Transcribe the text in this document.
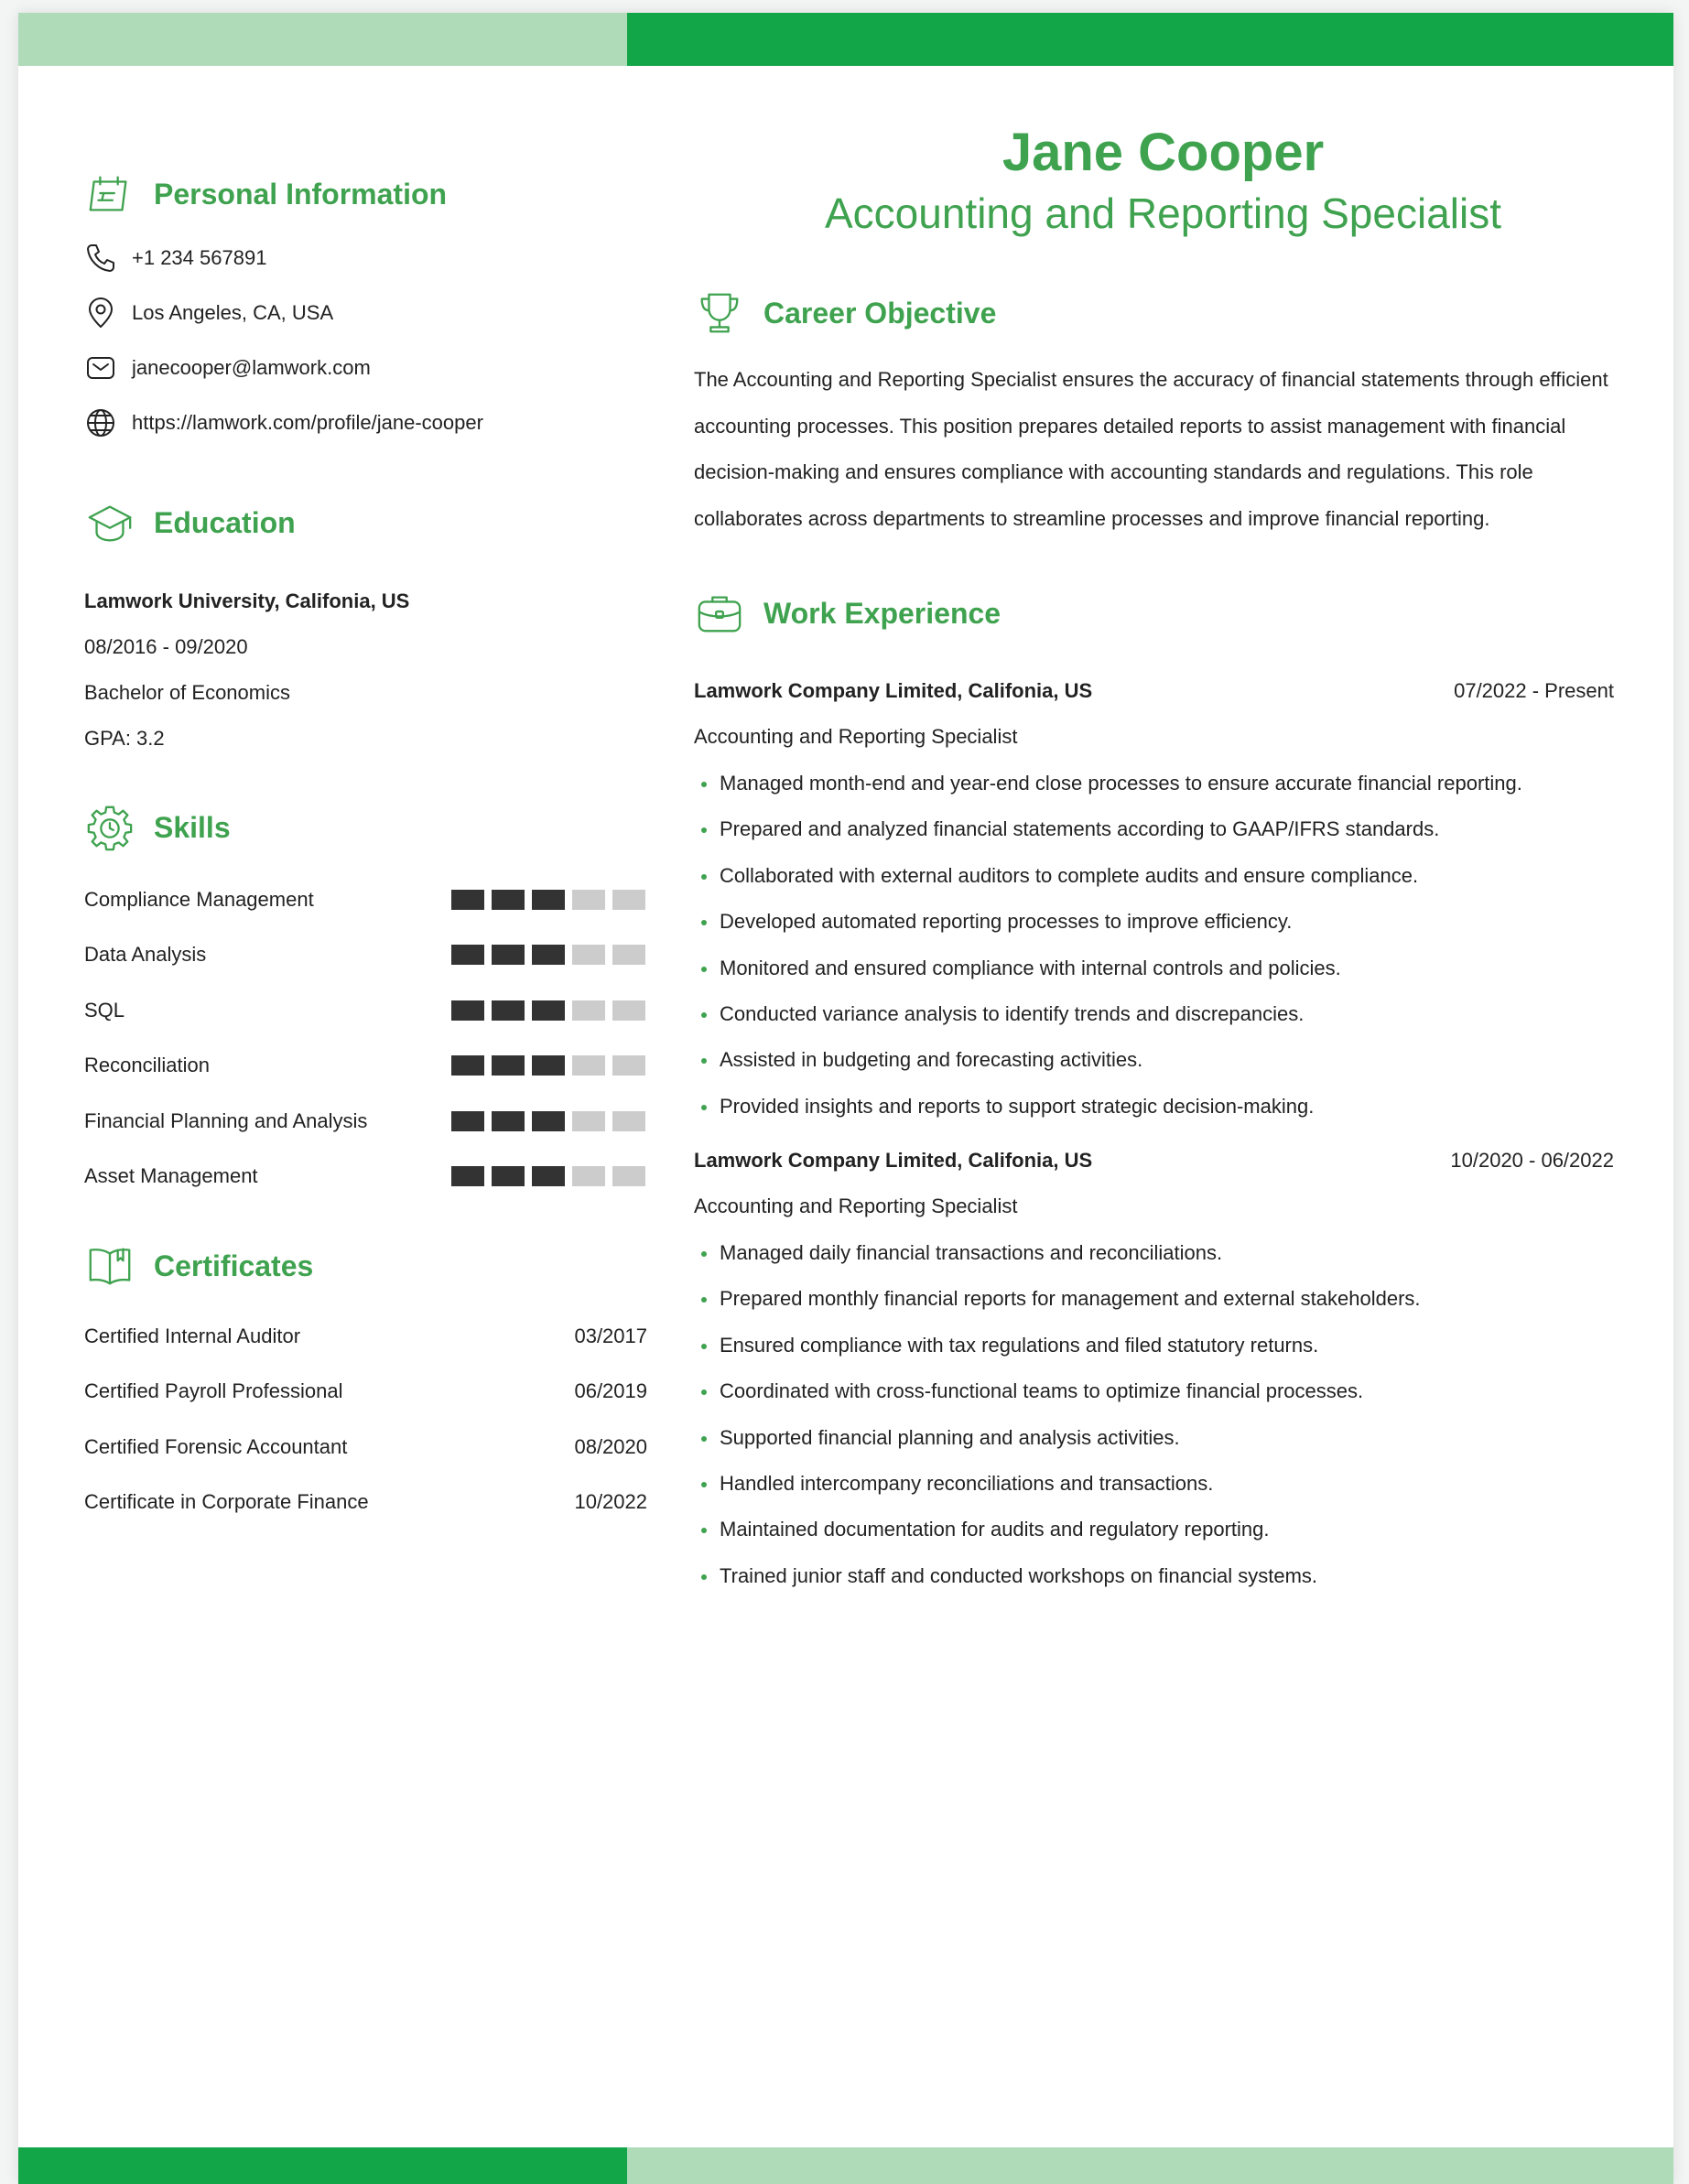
Personal Information
+1 234 567891
Los Angeles, CA, USA
janecooper@lamwork.com
https://lamwork.com/profile/jane-cooper
Education
Lamwork University, Califonia, US
08/2016 - 09/2020
Bachelor of Economics
GPA: 3.2
Skills
Compliance Management
Data Analysis
SQL
Reconciliation
Financial Planning and Analysis
Asset Management
Certificates
Certified Internal Auditor	03/2017
Certified Payroll Professional	06/2019
Certified Forensic Accountant	08/2020
Certificate in Corporate Finance	10/2022
Jane Cooper
Accounting and Reporting Specialist
Career Objective
The Accounting and Reporting Specialist ensures the accuracy of financial statements through efficient accounting processes. This position prepares detailed reports to assist management with financial decision-making and ensures compliance with accounting standards and regulations. This role collaborates across departments to streamline processes and improve financial reporting.
Work Experience
Lamwork Company Limited, Califonia, US	07/2022 - Present
Accounting and Reporting Specialist
Managed month-end and year-end close processes to ensure accurate financial reporting.
Prepared and analyzed financial statements according to GAAP/IFRS standards.
Collaborated with external auditors to complete audits and ensure compliance.
Developed automated reporting processes to improve efficiency.
Monitored and ensured compliance with internal controls and policies.
Conducted variance analysis to identify trends and discrepancies.
Assisted in budgeting and forecasting activities.
Provided insights and reports to support strategic decision-making.
Lamwork Company Limited, Califonia, US	10/2020 - 06/2022
Accounting and Reporting Specialist
Managed daily financial transactions and reconciliations.
Prepared monthly financial reports for management and external stakeholders.
Ensured compliance with tax regulations and filed statutory returns.
Coordinated with cross-functional teams to optimize financial processes.
Supported financial planning and analysis activities.
Handled intercompany reconciliations and transactions.
Maintained documentation for audits and regulatory reporting.
Trained junior staff and conducted workshops on financial systems.
